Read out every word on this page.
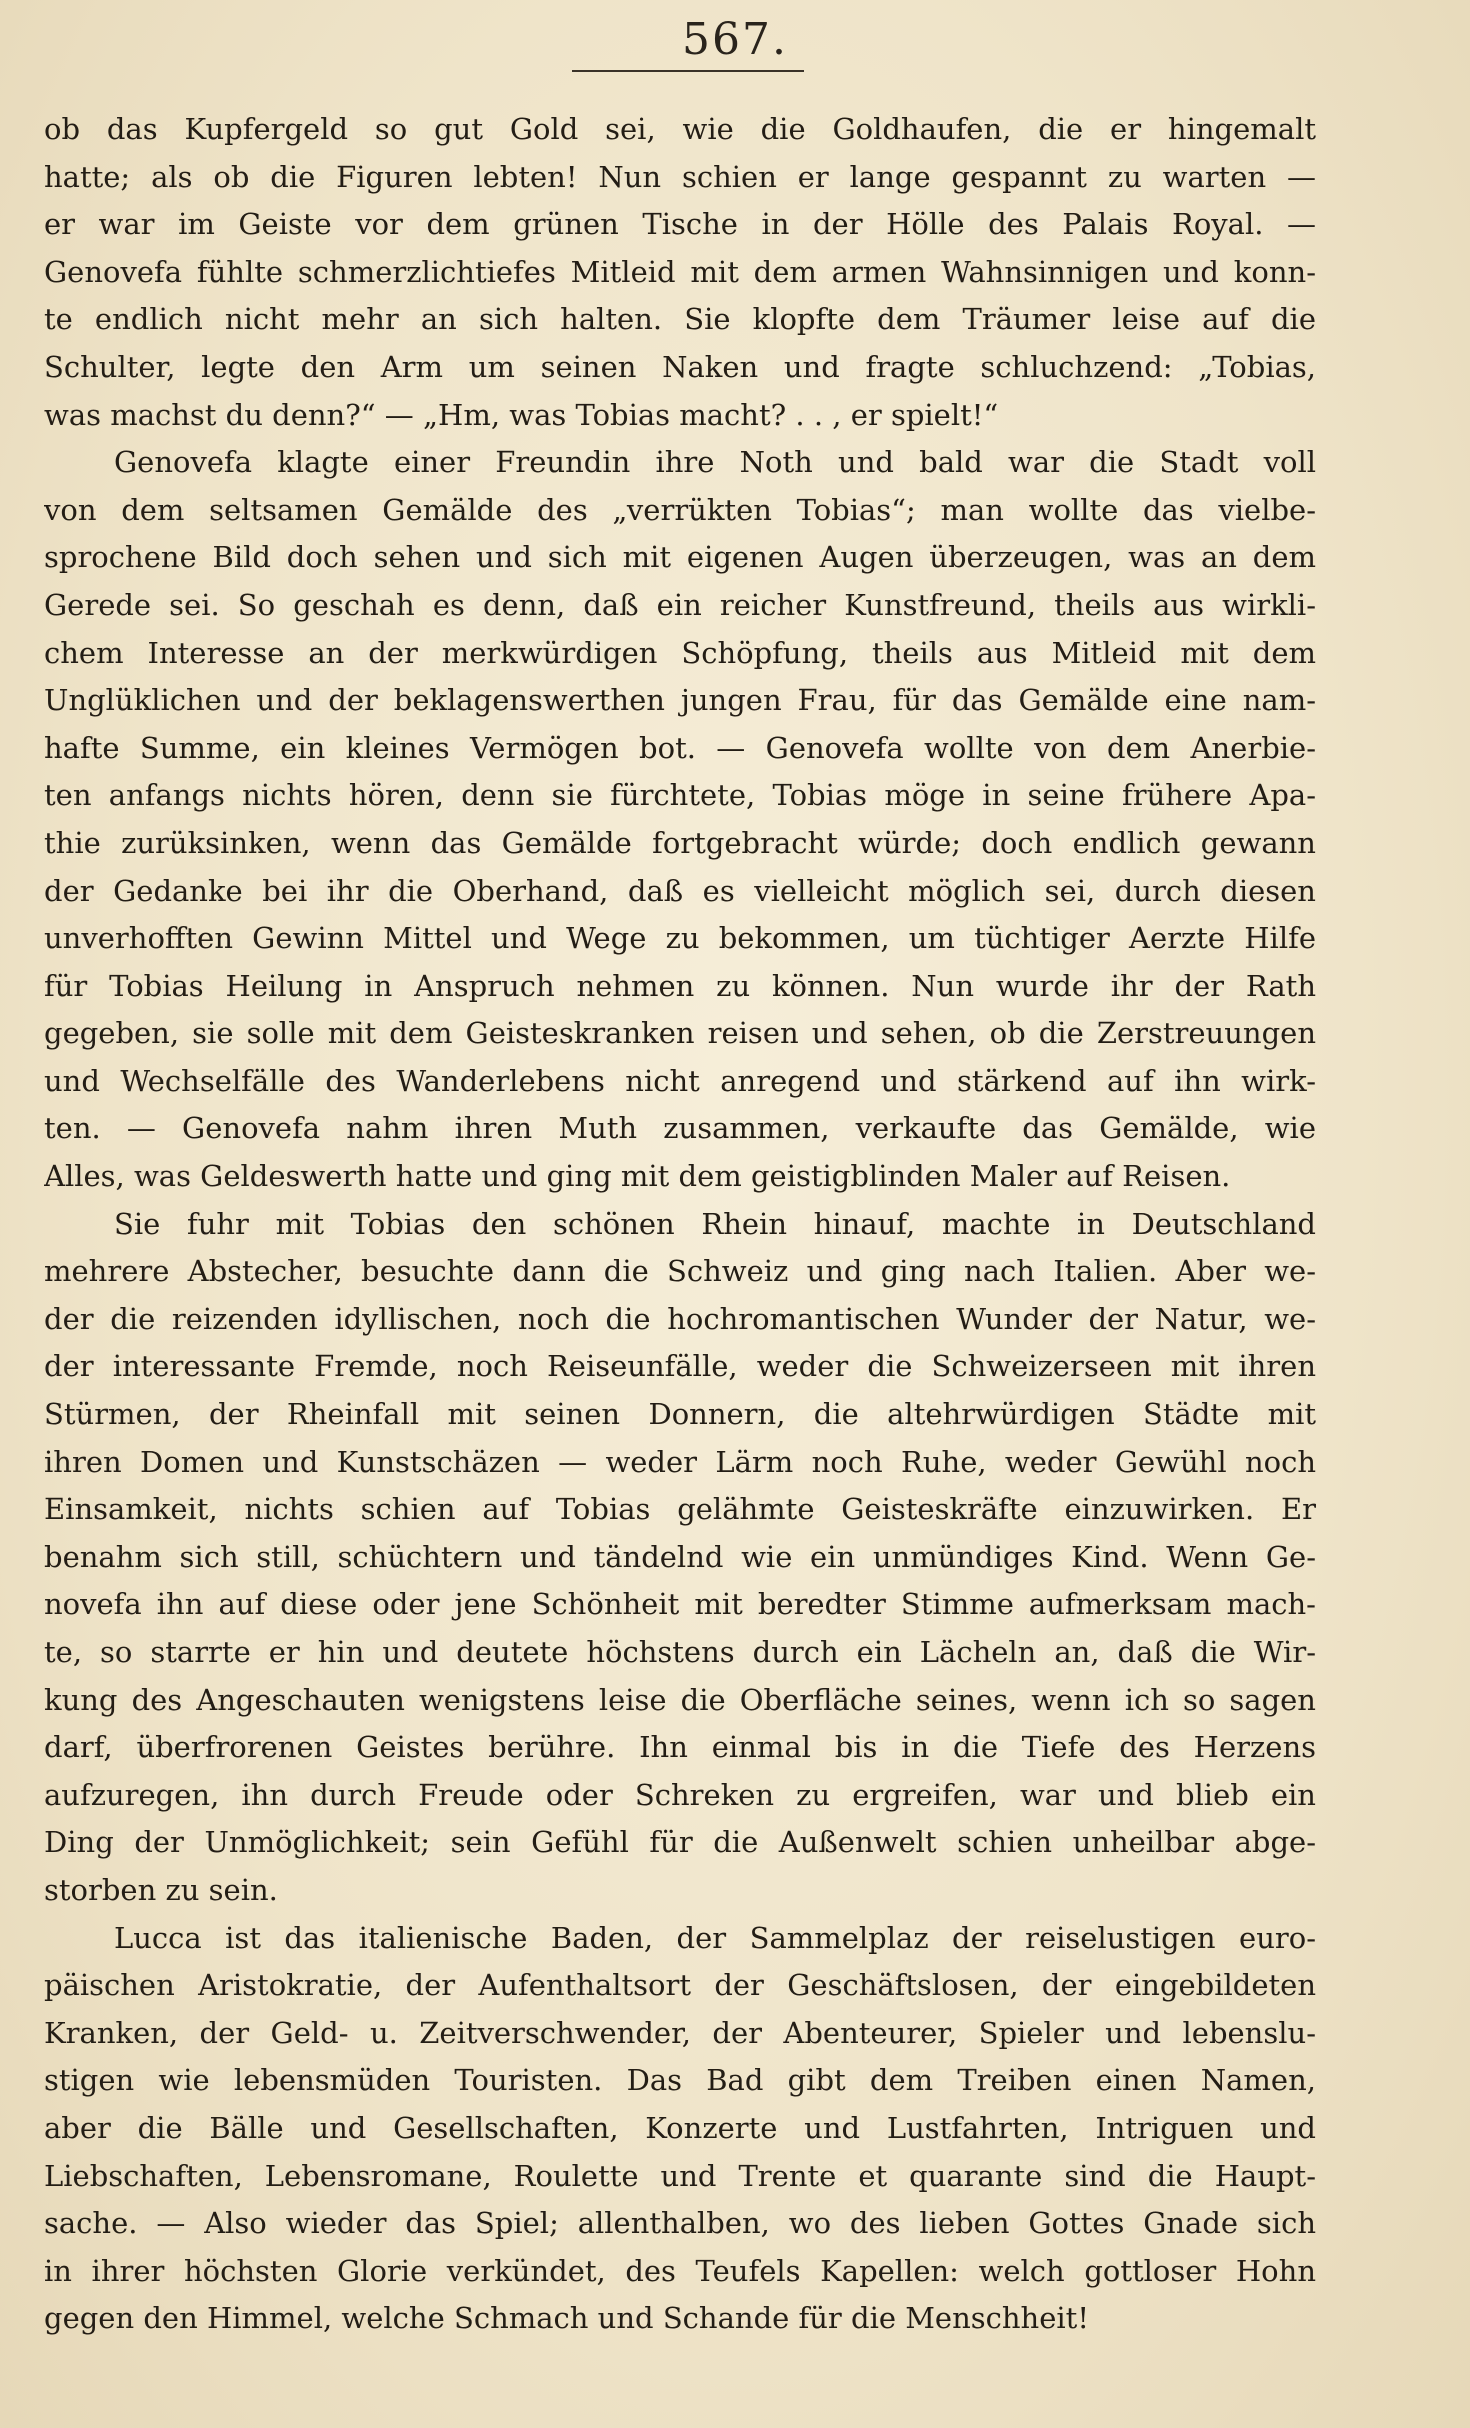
567.
ob das Kupfergeld so gut Gold sei, wie die Goldhaufen, die er hingemalt
hatte; als ob die Figuren lebten! Nun schien er lange gespannt zu warten —
er war im Geiste vor dem grünen Tische in der Hölle des Palais Royal. —
Genovefa fühlte schmerzlichtiefes Mitleid mit dem armen Wahnsinnigen und konn-
te endlich nicht mehr an sich halten. Sie klopfte dem Träumer leise auf die
Schulter, legte den Arm um seinen Naken und fragte schluchzend: „Tobias,
was machst du denn?“ — „Hm, was Tobias macht? . . , er spielt!“
Genovefa klagte einer Freundin ihre Noth und bald war die Stadt voll
von dem seltsamen Gemälde des „verrükten Tobias“; man wollte das vielbe-
sprochene Bild doch sehen und sich mit eigenen Augen überzeugen, was an dem
Gerede sei. So geschah es denn, daß ein reicher Kunstfreund, theils aus wirkli-
chem Interesse an der merkwürdigen Schöpfung, theils aus Mitleid mit dem
Unglüklichen und der beklagenswerthen jungen Frau, für das Gemälde eine nam-
hafte Summe, ein kleines Vermögen bot. — Genovefa wollte von dem Anerbie-
ten anfangs nichts hören, denn sie fürchtete, Tobias möge in seine frühere Apa-
thie zurüksinken, wenn das Gemälde fortgebracht würde; doch endlich gewann
der Gedanke bei ihr die Oberhand, daß es vielleicht möglich sei, durch diesen
unverhofften Gewinn Mittel und Wege zu bekommen, um tüchtiger Aerzte Hilfe
für Tobias Heilung in Anspruch nehmen zu können. Nun wurde ihr der Rath
gegeben, sie solle mit dem Geisteskranken reisen und sehen, ob die Zerstreuungen
und Wechselfälle des Wanderlebens nicht anregend und stärkend auf ihn wirk-
ten. — Genovefa nahm ihren Muth zusammen, verkaufte das Gemälde, wie
Alles, was Geldeswerth hatte und ging mit dem geistigblinden Maler auf Reisen.
Sie fuhr mit Tobias den schönen Rhein hinauf, machte in Deutschland
mehrere Abstecher, besuchte dann die Schweiz und ging nach Italien. Aber we-
der die reizenden idyllischen, noch die hochromantischen Wunder der Natur, we-
der interessante Fremde, noch Reiseunfälle, weder die Schweizerseen mit ihren
Stürmen, der Rheinfall mit seinen Donnern, die altehrwürdigen Städte mit
ihren Domen und Kunstschäzen — weder Lärm noch Ruhe, weder Gewühl noch
Einsamkeit, nichts schien auf Tobias gelähmte Geisteskräfte einzuwirken. Er
benahm sich still, schüchtern und tändelnd wie ein unmündiges Kind. Wenn Ge-
novefa ihn auf diese oder jene Schönheit mit beredter Stimme aufmerksam mach-
te, so starrte er hin und deutete höchstens durch ein Lächeln an, daß die Wir-
kung des Angeschauten wenigstens leise die Oberfläche seines, wenn ich so sagen
darf, überfrorenen Geistes berühre. Ihn einmal bis in die Tiefe des Herzens
aufzuregen, ihn durch Freude oder Schreken zu ergreifen, war und blieb ein
Ding der Unmöglichkeit; sein Gefühl für die Außenwelt schien unheilbar abge-
storben zu sein.
Lucca ist das italienische Baden, der Sammelplaz der reiselustigen euro-
päischen Aristokratie, der Aufenthaltsort der Geschäftslosen, der eingebildeten
Kranken, der Geld- u. Zeitverschwender, der Abenteurer, Spieler und lebenslu-
stigen wie lebensmüden Touristen. Das Bad gibt dem Treiben einen Namen,
aber die Bälle und Gesellschaften, Konzerte und Lustfahrten, Intriguen und
Liebschaften, Lebensromane, Roulette und Trente et quarante sind die Haupt-
sache. — Also wieder das Spiel; allenthalben, wo des lieben Gottes Gnade sich
in ihrer höchsten Glorie verkündet, des Teufels Kapellen: welch gottloser Hohn
gegen den Himmel, welche Schmach und Schande für die Menschheit!
